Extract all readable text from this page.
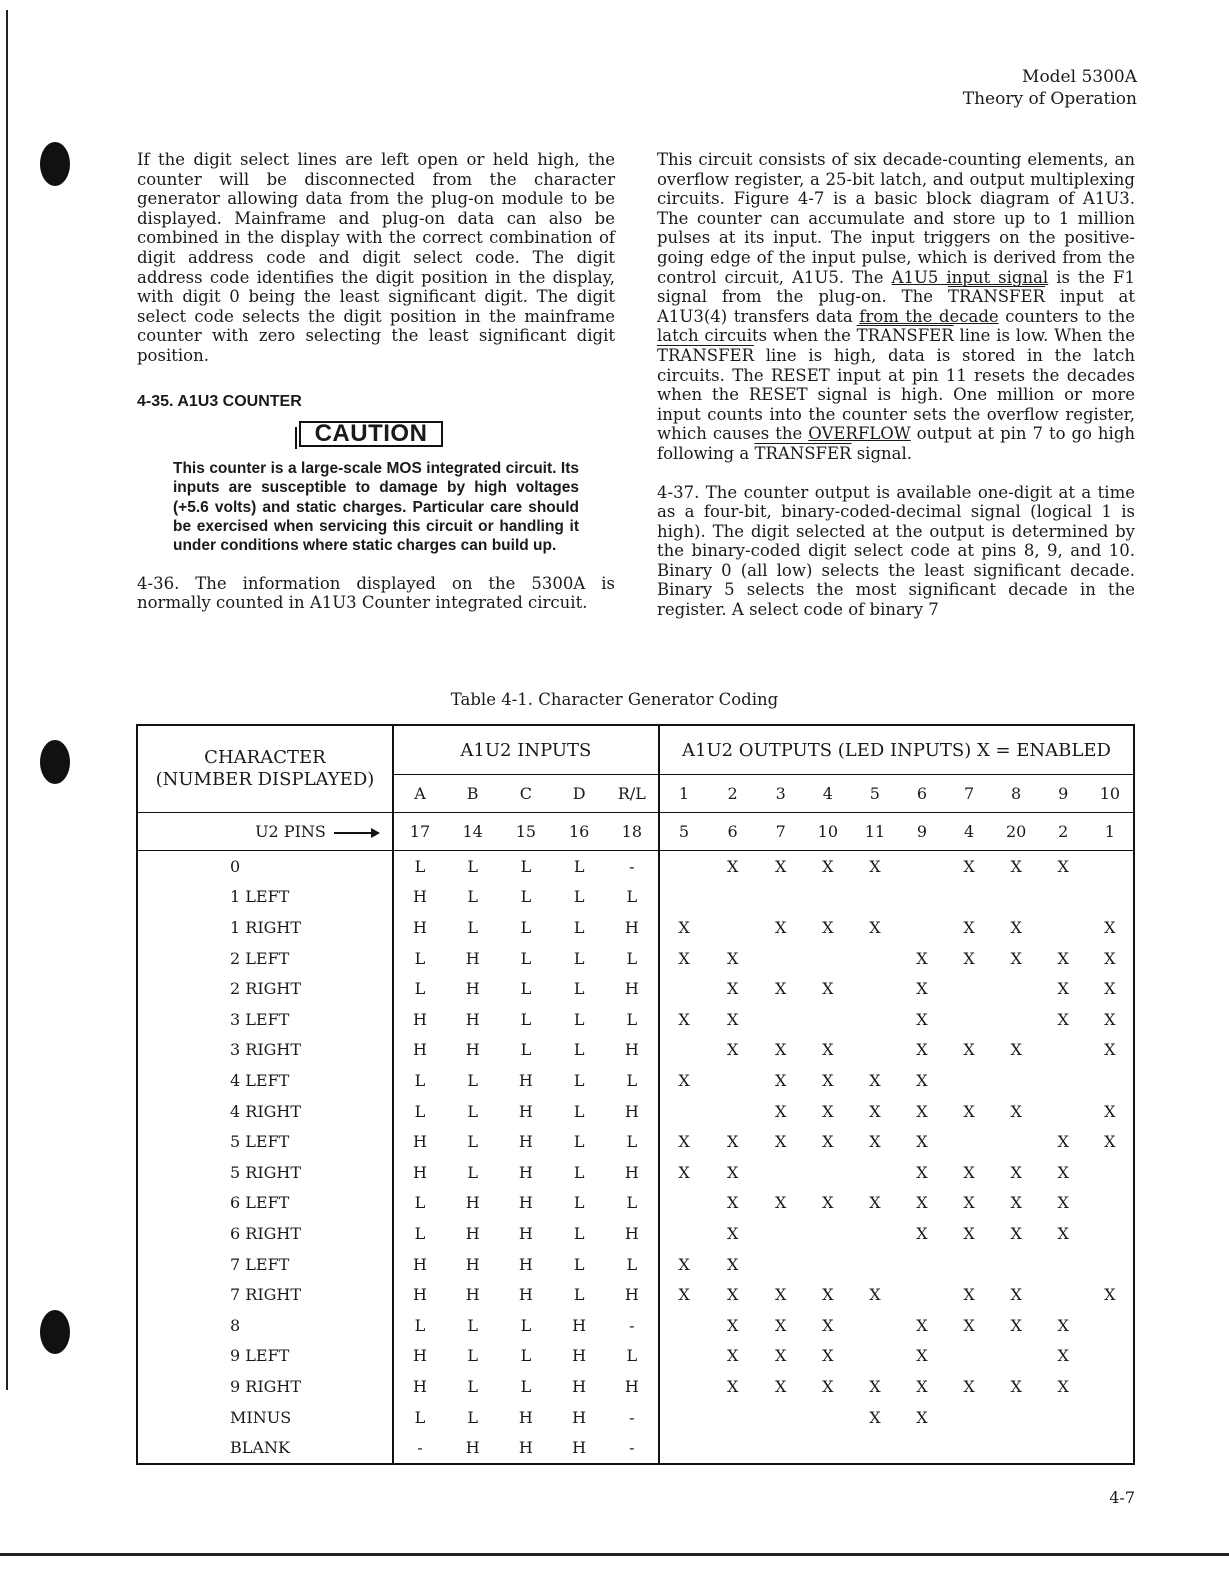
Model 5300A
Theory of Operation

If the digit select lines are left open or held high, the counter will be disconnected from the character generator allowing data from the plug-on module to be displayed. Mainframe and plug-on data can also be combined in the display with the correct combination of digit address code and digit select code. The digit address code identifies the digit position in the display, with digit 0 being the least significant digit. The digit select code selects the digit position in the mainframe counter with zero selecting the least significant digit position.

4-35. A1U3 COUNTER
CAUTION

This counter is a large-scale MOS integrated circuit. Its inputs are susceptible to damage by high voltages (+5.6 volts) and static charges. Particular care should be exercised when servicing this circuit or handling it under conditions where static charges can build up.

4-36. The information displayed on the 5300A is normally counted in A1U3 Counter integrated circuit.

This circuit consists of six decade-counting elements, an overflow register, a 25-bit latch, and output multiplexing circuits. Figure 4-7 is a basic block diagram of A1U3. The counter can accumulate and store up to 1 million pulses at its input. The input triggers on the positive-going edge of the input pulse, which is derived from the control circuit, A1U5. The A1U5 input signal is the F1 signal from the plug-on. The TRANSFER input at A1U3(4) transfers data from the decade counters to the latch circuits when the TRANSFER line is low. When the TRANSFER line is high, data is stored in the latch circuits. The RESET input at pin 11 resets the decades when the RESET signal is high. One million or more input counts into the counter sets the overflow register, which causes the OVERFLOW output at pin 7 to go high following a TRANSFER signal.

4-37. The counter output is available one-digit at a time as a four-bit, binary-coded-decimal signal (logical 1 is high). The digit selected at the output is determined by the binary-coded digit select code at pins 8, 9, and 10. Binary 0 (all low) selects the least significant decade. Binary 5 selects the most significant decade in the register. A select code of binary 7

Table 4-1. Character Generator Coding
CHARACTER
(NUMBER DISPLAYED)	A1U2 INPUTS					A1U2 OUTPUTS (LED INPUTS) X = ENABLED									
	A	B	C	D	R/L	1	2	3	4	5	6	7	8	9	10
U2 PINS	17	14	15	16	18	5	6	7	10	11	9	4	20	2	1
0	L	L	L	L	-		X	X	X	X		X	X	X	
1 LEFT	H	L	L	L	L										
1 RIGHT	H	L	L	L	H	X		X	X	X		X	X		X
2 LEFT	L	H	L	L	L	X	X				X	X	X	X	X
2 RIGHT	L	H	L	L	H		X	X	X		X			X	X
3 LEFT	H	H	L	L	L	X	X				X			X	X
3 RIGHT	H	H	L	L	H		X	X	X		X	X	X		X
4 LEFT	L	L	H	L	L	X		X	X	X	X				
4 RIGHT	L	L	H	L	H			X	X	X	X	X	X		X
5 LEFT	H	L	H	L	L	X	X	X	X	X	X			X	X
5 RIGHT	H	L	H	L	H	X	X				X	X	X	X	
6 LEFT	L	H	H	L	L		X	X	X	X	X	X	X	X	
6 RIGHT	L	H	H	L	H		X				X	X	X	X	
7 LEFT	H	H	H	L	L	X	X								
7 RIGHT	H	H	H	L	H	X	X	X	X	X		X	X		X
8	L	L	L	H	-		X	X	X		X	X	X	X	
9 LEFT	H	L	L	H	L		X	X	X		X			X	
9 RIGHT	H	L	L	H	H		X	X	X	X	X	X	X	X	
MINUS	L	L	H	H	-					X	X				
BLANK	-	H	H	H	-										
4-7
